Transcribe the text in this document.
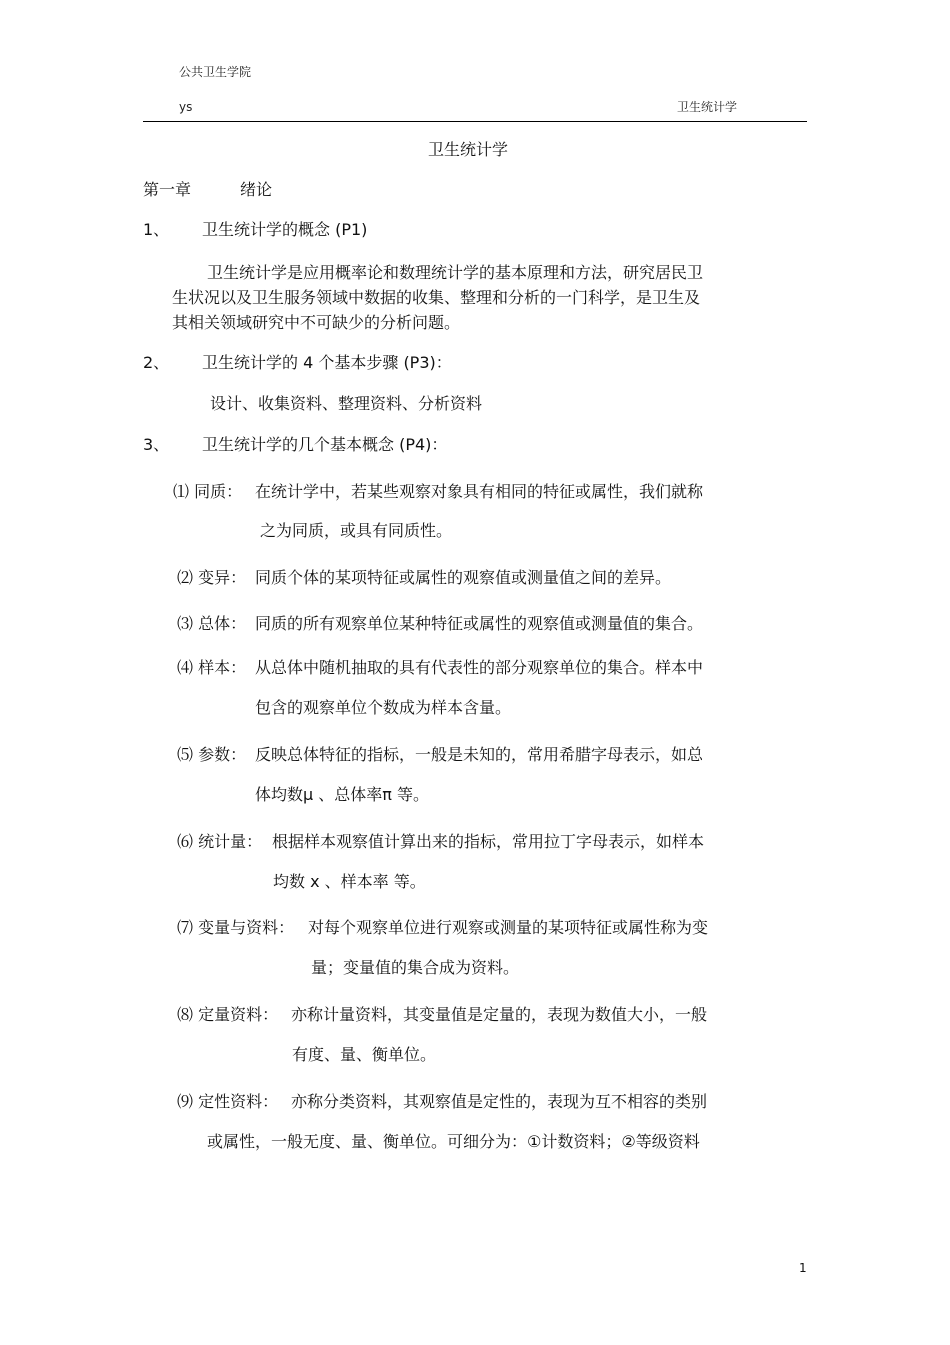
公共卫生学院
ys	卫生统计学
卫生统计学
第一章	绪论
1、 卫生统计学的概念 (P1)
卫生统计学是应用概率论和数理统计学的基本原理和方法，研究居民卫
生状况以及卫生服务领域中数据的收集、整理和分析的一门科学，是卫生及
其相关领域研究中不可缺少的分析问题。
2、 卫生统计学的 4 个基本步骤 (P3)：
设计、收集资料、整理资料、分析资料
3、 卫生统计学的几个基本概念 (P4)：
⑴ 同质： 在统计学中，若某些观察对象具有相同的特征或属性，我们就称
之为同质，或具有同质性。
⑵ 变异： 同质个体的某项特征或属性的观察值或测量值之间的差异。
⑶ 总体： 同质的所有观察单位某种特征或属性的观察值或测量值的集合。
⑷ 样本： 从总体中随机抽取的具有代表性的部分观察单位的集合。样本中
包含的观察单位个数成为样本含量。
⑸ 参数： 反映总体特征的指标，一般是未知的，常用希腊字母表示，如总
体均数μ 、总体率π 等。
⑹ 统计量： 根据样本观察值计算出来的指标，常用拉丁字母表示，如样本
均数 x 、样本率 等。
⑺ 变量与资料： 对每个观察单位进行观察或测量的某项特征或属性称为变
量；变量值的集合成为资料。
⑻ 定量资料： 亦称计量资料，其变量值是定量的，表现为数值大小，一般
有度、量、衡单位。
⑼ 定性资料： 亦称分类资料，其观察值是定性的，表现为互不相容的类别
或属性，一般无度、量、衡单位。可细分为：①计数资料；②等级资料
1
